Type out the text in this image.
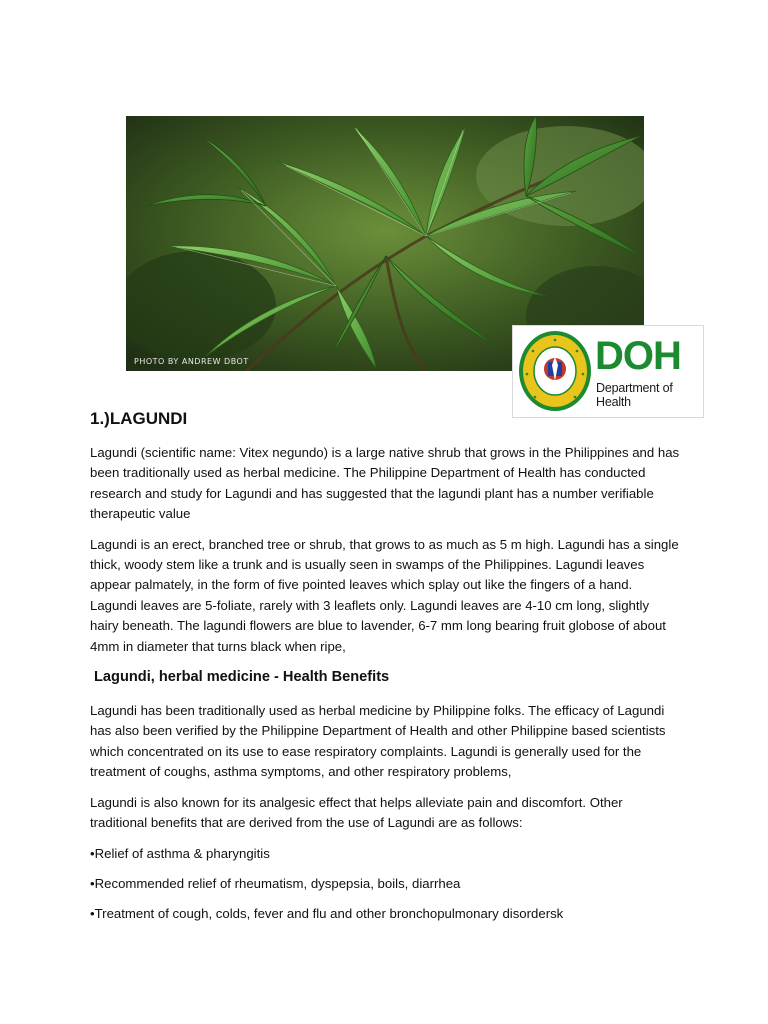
PHOTO BY ANDREW DBOT	DOH
Department of Health
1.)LAGUNDI

Lagundi (scientific name: Vitex negundo) is a large native shrub that grows in the Philippines and has been traditionally used as herbal medicine. The Philippine Department of Health has conducted research and study for Lagundi and has suggested that the lagundi plant has a number verifiable therapeutic value

Lagundi is an erect, branched tree or shrub, that grows to as much as 5 m high. Lagundi has a single thick, woody stem like a trunk and is usually seen in swamps of the Philippines. Lagundi leaves appear palmately, in the form of five pointed leaves which splay out like the fingers of a hand. Lagundi leaves are 5-foliate, rarely with 3 leaflets only. Lagundi leaves are 4-10 cm long, slightly hairy beneath. The lagundi flowers are blue to lavender, 6-7 mm long bearing fruit globose of about 4mm in diameter that turns black when ripe,

Lagundi, herbal medicine - Health Benefits

Lagundi has been traditionally used as herbal medicine by Philippine folks. The efficacy of Lagundi has also been verified by the Philippine Department of Health and other Philippine based scientists which concentrated on its use to ease respiratory complaints. Lagundi is generally used for the treatment of coughs, asthma symptoms, and other respiratory problems,

Lagundi is also known for its analgesic effect that helps alleviate pain and discomfort. Other traditional benefits that are derived from the use of Lagundi are as follows:

•Relief of asthma & pharyngitis
•Recommended relief of rheumatism, dyspepsia, boils, diarrhea
•Treatment of cough, colds, fever and flu and other bronchopulmonary disordersk
